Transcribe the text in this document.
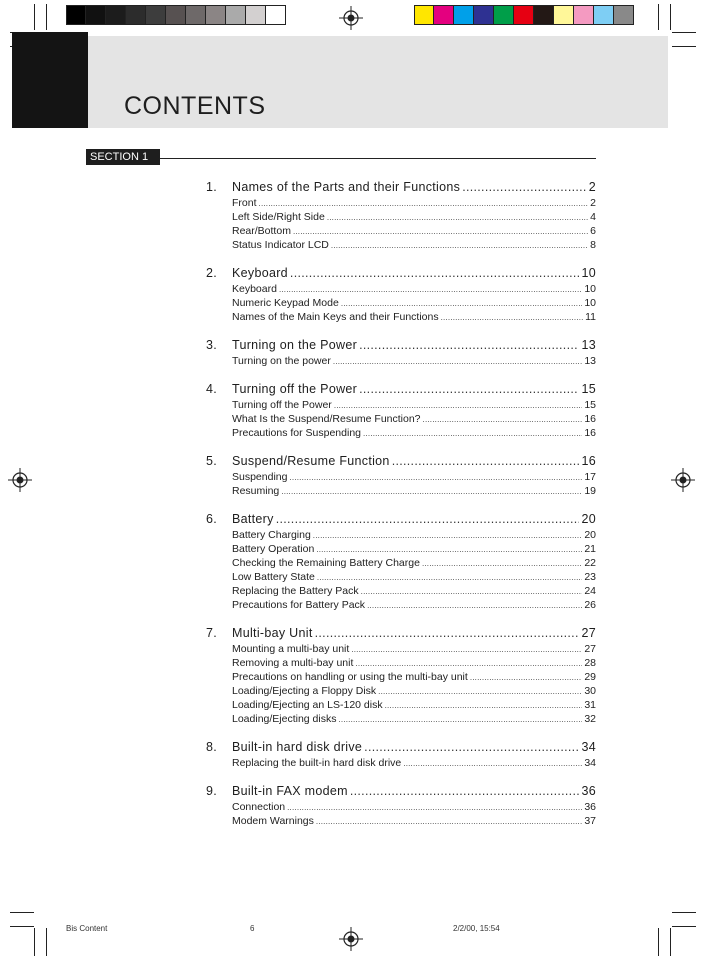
CONTENTS
SECTION 1
1.	Names of the Parts and their Functions .....	2
Front .....	2
Left Side/Right Side .....	4
Rear/Bottom .....	6
Status Indicator LCD .....	8
2.	Keyboard .....	10
Keyboard .....	10
Numeric Keypad Mode .....	10
Names of the Main Keys and their Functions .....	11
3.	Turning on the Power .....	13
Turning on the power .....	13
4.	Turning off the Power .....	15
Turning off the Power .....	15
What Is the Suspend/Resume Function? .....	16
Precautions for Suspending .....	16
5.	Suspend/Resume Function .....	16
Suspending .....	17
Resuming .....	19
6.	Battery .....	20
Battery Charging .....	20
Battery Operation .....	21
Checking the Remaining Battery Charge .....	22
Low Battery State .....	23
Replacing the Battery Pack .....	24
Precautions for Battery Pack .....	26
7.	Multi-bay Unit .....	27
Mounting a multi-bay unit .....	27
Removing a multi-bay unit .....	28
Precautions on handling or using the multi-bay unit .....	29
Loading/Ejecting a Floppy Disk .....	30
Loading/Ejecting an LS-120 disk .....	31
Loading/Ejecting disks .....	32
8.	Built-in hard disk drive .....	34
Replacing the built-in hard disk drive .....	34
9.	Built-in FAX modem .....	36
Connection .....	36
Modem Warnings .....	37
Bis Content	6	2/2/00, 15:54
